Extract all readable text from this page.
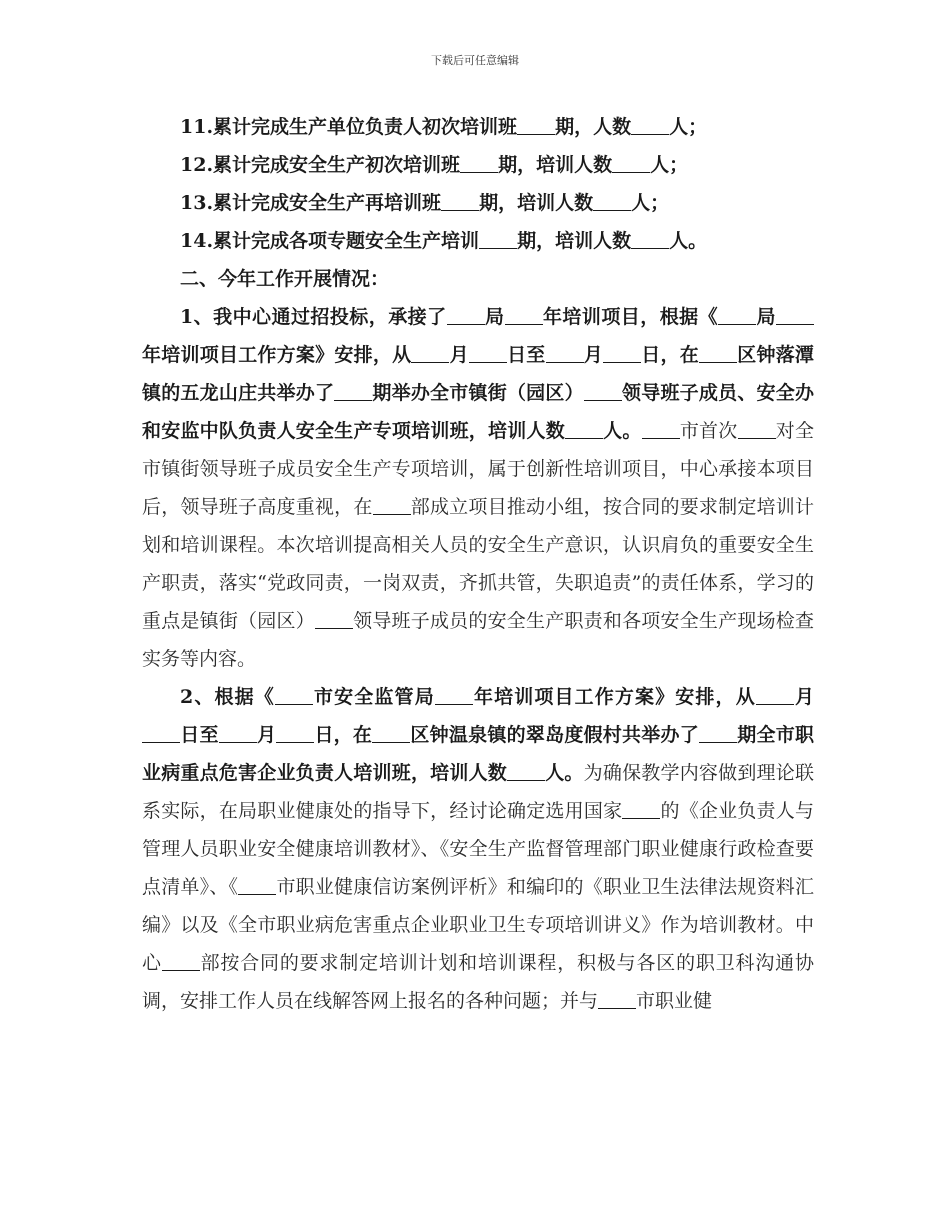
下载后可任意编辑

11.累计完成生产单位负责人初次培训班 期，人数 人；

12.累计完成安全生产初次培训班 期，培训人数 人；

13.累计完成安全生产再培训班 期，培训人数 人；

14.累计完成各项专题安全生产培训 期，培训人数 人。

二、今年工作开展情况：

1、我中心通过招投标，承接了 局 年培训项目，根据《 局年培训项目工作方案》安排，从 月 日至 月 日，在 区钟落潭镇的五龙山庄共举办了 期举办全市镇街（园区） 领导班子成员、安全办和安监中队负责人安全生产专项培训班，培训人数 人。 市首次 对全市镇街领导班子成员安全生产专项培训，属于创新性培训项目，中心承接本项目后，领导班子高度重视，在 部成立项目推动小组，按合同的要求制定培训计划和培训课程。本次培训提高相关人员的安全生产意识，认识肩负的重要安全生产职责，落实“党政同责，一岗双责，齐抓共管，失职追责”的责任体系，学习的重点是镇街（园区） 领导班子成员的安全生产职责和各项安全生产现场检查实务等内容。

2、根据《 市安全监管局 年培训项目工作方案》安排，从 月日至 月 日，在 区钟温泉镇的翠岛度假村共举办了 期全市职业病重点危害企业负责人培训班，培训人数 人。为确保教学内容做到理论联系实际，在局职业健康处的指导下，经讨论确定选用国家 的《企业负责人与管理人员职业安全健康培训教材》、《安全生产监督管理部门职业健康行政检查要点清单》、《 市职业健康信访案例评析》和编印的《职业卫生法律法规资料汇编》以及《全市职业病危害重点企业职业卫生专项培训讲义》作为培训教材。中心 部按合同的要求制定培训计划和培训课程，积极与各区的职卫科沟通协调，安排工作人员在线解答网上报名的各种问题；并与 市职业健
